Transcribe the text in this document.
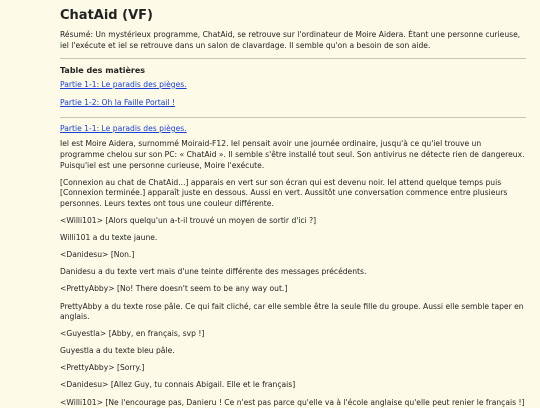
ChatAid (VF)

Résumé: Un mystérieux programme, ChatAid, se retrouve sur l'ordinateur de Moire Aidera. Étant une personne curieuse, iel l'exécute et iel se retrouve dans un salon de clavardage. Il semble qu'on a besoin de son aide.

Table des matières
Partie 1-1: Le paradis des pièges.
Partie 1-2: Oh la Faille Portail !
Partie 1-1: Le paradis des pièges.

Iel est Moire Aidera, surnommé Moiraid-F12. Iel pensait avoir une journée ordinaire, jusqu'à ce qu'iel trouve un programme chelou sur son PC: « ChatAid ». Il semble s'être installé tout seul. Son antivirus ne détecte rien de dangereux. Puisqu'iel est une personne curieuse, Moire l'exécute.

[Connexion au chat de ChatAid...] apparais en vert sur son écran qui est devenu noir. Iel attend quelque temps puis [Connexion terminée.] apparaît juste en dessous. Aussi en vert. Aussitôt une conversation commence entre plusieurs personnes. Leurs textes ont tous une couleur différente.

<Willi101> [Alors quelqu'un a-t-il trouvé un moyen de sortir d'ici ?]

Willi101 a du texte jaune.

<Danidesu> [Non.]

Danidesu a du texte vert mais d'une teinte différente des messages précédents.

<PrettyAbby> [No! There doesn't seem to be any way out.]

PrettyAbby a du texte rose pâle. Ce qui fait cliché, car elle semble être la seule fille du groupe. Aussi elle semble taper en anglais.

<Guyestla> [Abby, en français, svp !]

Guyestla a du texte bleu pâle.

<PrettyAbby> [Sorry.]

<Danidesu> [Allez Guy, tu connais Abigail. Elle et le français]

<Willi101> [Ne l'encourage pas, Danieru ! Ce n'est pas parce qu'elle va à l'école anglaise qu'elle peut renier le français !]
